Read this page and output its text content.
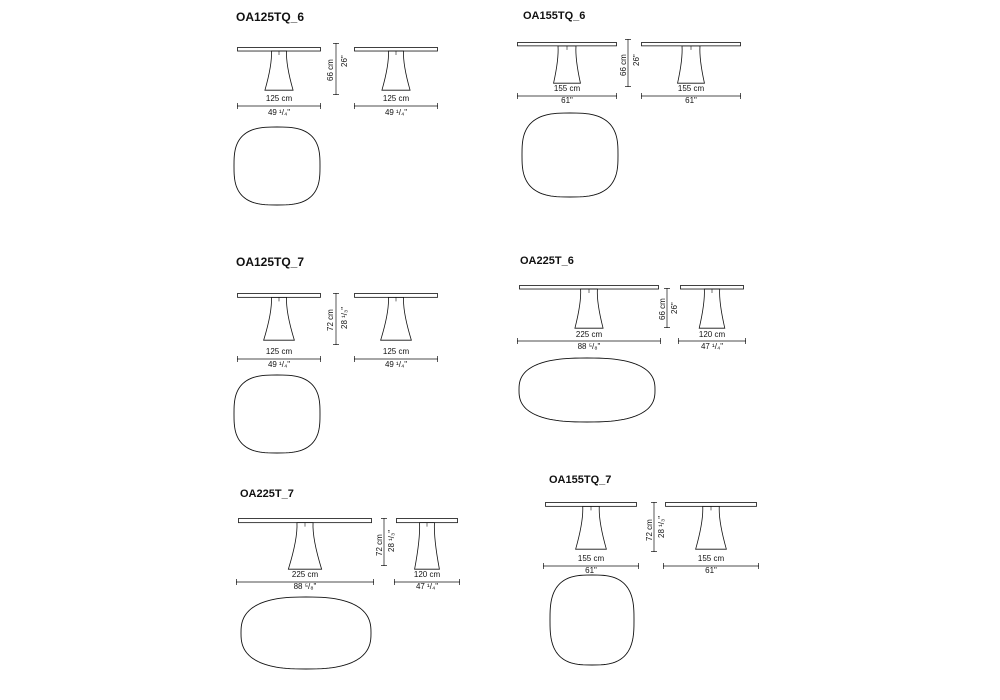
OA125TQ_6
125 cm
49 ¹/₄"
125 cm
49 ¹/₄"
66 cm 26"
OA155TQ_6
155 cm
61"
155 cm
61"
66 cm 26"
OA125TQ_7
125 cm
49 ¹/₄"
125 cm
49 ¹/₄"
72 cm 28 ¹/₃"
OA225T_6
225 cm
88 ⁵/₈"
120 cm
47 ¹/₄"
66 cm 26"
OA225T_7
225 cm
88 ⁵/₈"
120 cm
47 ¹/₄"
72 cm 28 ¹/₃"
OA155TQ_7
155 cm
61"
155 cm
61"
72 cm 28 ¹/₃"
